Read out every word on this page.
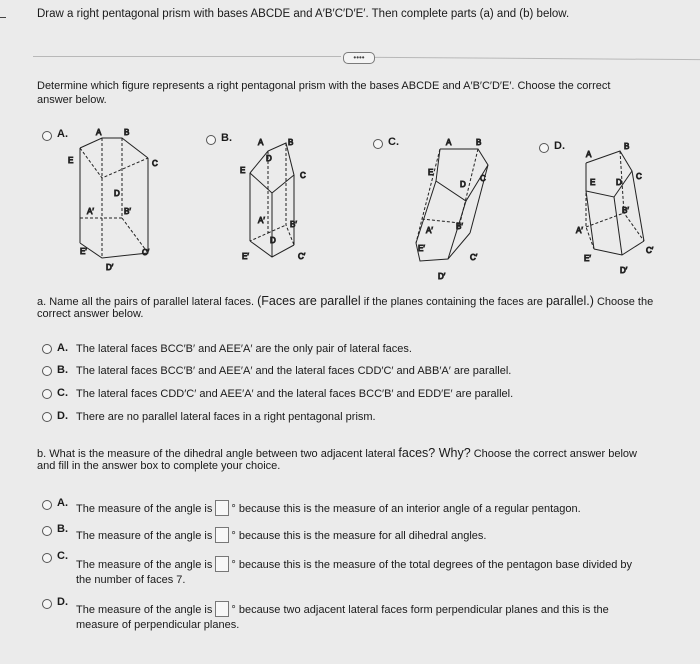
Draw a right pentagonal prism with bases ABCDE and A′B′C′D′E′. Then complete parts (a) and (b) below.
••••
Determine which figure represents a right pentagonal prism with the bases ABCDE and A′B′C′D′E′. Choose the correct
answer below.
A.	B.	C.	D.
A	B
C
D
E
A′	B′
C′
D′
E′
A	B
C
D
E
A′	B′
C′
D
E′
A	B
C
D
E
A′	B′
C′
D′
E′
A
B
C
D
E
A′
B′
C′
D′
E′
a. Name all the pairs of parallel lateral faces. (Faces are parallel if the planes containing the faces are parallel.) Choose the
correct answer below.
A. The lateral faces BCC′B′ and AEE′A′ are the only pair of lateral faces.
B. The lateral faces BCC′B′ and AEE′A′ and the lateral faces CDD′C′ and ABB′A′ are parallel.
C. The lateral faces CDD′C′ and AEE′A′ and the lateral faces BCC′B′ and EDD′E′ are parallel.
D. There are no parallel lateral faces in a right pentagonal prism.
b. What is the measure of the dihedral angle between two adjacent lateral faces? Why? Choose the correct answer below
and fill in the answer box to complete your choice.
A. The measure of the angle is ° because this is the measure of an interior angle of a regular pentagon.
B.
The measure of the angle is ° because this is the measure for all dihedral angles.
C.
The measure of the angle is ° because this is the measure of the total degrees of the pentagon base divided by
the number of faces 7.
D.
The measure of the angle is ° because two adjacent lateral faces form perpendicular planes and this is the
measure of perpendicular planes.
